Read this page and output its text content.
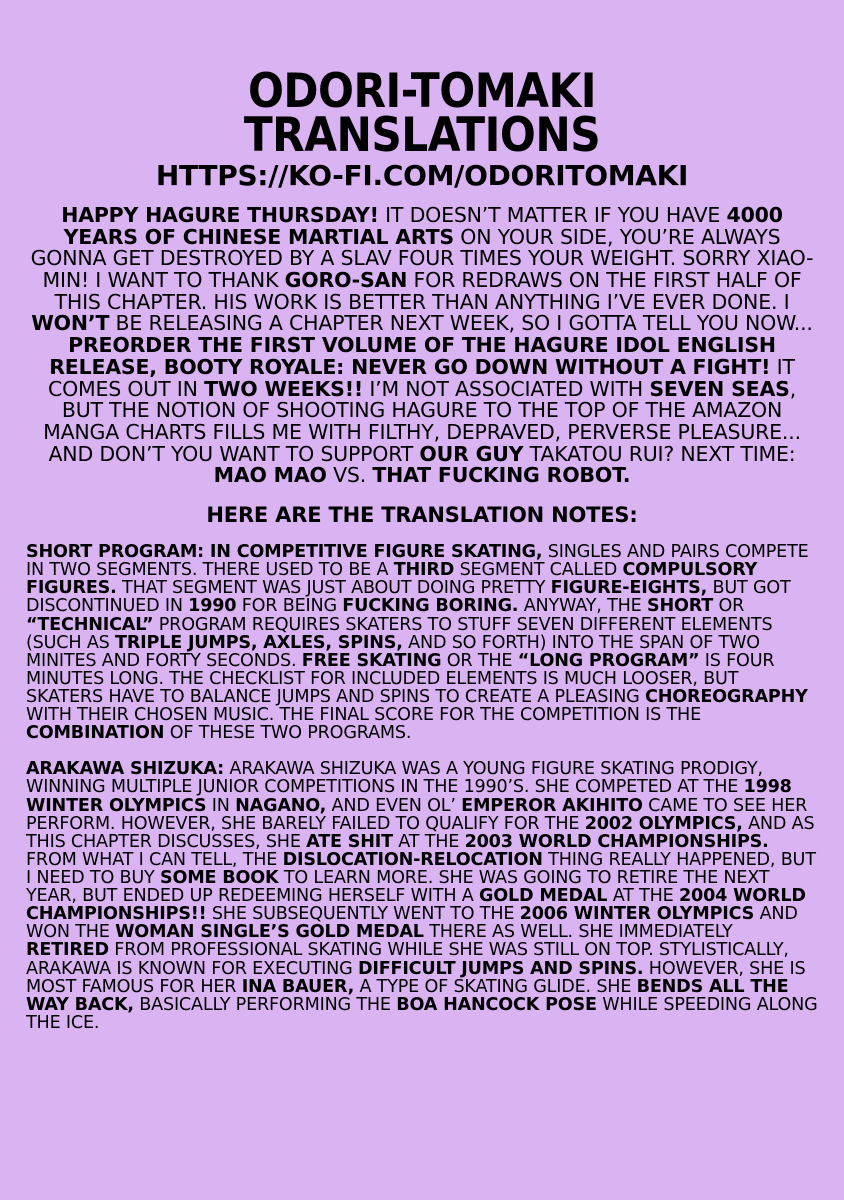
ODORI-TOMAKI
TRANSLATIONS
HTTPS://KO-FI.COM/ODORITOMAKI
HAPPY HAGURE THURSDAY! IT DOESN’T MATTER IF YOU HAVE 4000 YEARS OF CHINESE MARTIAL ARTS ON YOUR SIDE, YOU’RE ALWAYS GONNA GET DESTROYED BY A SLAV FOUR TIMES YOUR WEIGHT. SORRY XIAO-MIN! I WANT TO THANK GORO-SAN FOR REDRAWS ON THE FIRST HALF OF THIS CHAPTER. HIS WORK IS BETTER THAN ANYTHING I’VE EVER DONE. I WON’T BE RELEASING A CHAPTER NEXT WEEK, SO I GOTTA TELL YOU NOW... PREORDER THE FIRST VOLUME OF THE HAGURE IDOL ENGLISH RELEASE, BOOTY ROYALE: NEVER GO DOWN WITHOUT A FIGHT! IT COMES OUT IN TWO WEEKS!! I’M NOT ASSOCIATED WITH SEVEN SEAS, BUT THE NOTION OF SHOOTING HAGURE TO THE TOP OF THE AMAZON MANGA CHARTS FILLS ME WITH FILTHY, DEPRAVED, PERVERSE PLEASURE... AND DON’T YOU WANT TO SUPPORT OUR GUY TAKATOU RUI? NEXT TIME: MAO MAO VS. THAT FUCKING ROBOT.
HERE ARE THE TRANSLATION NOTES:
SHORT PROGRAM: IN COMPETITIVE FIGURE SKATING, SINGLES AND PAIRS COMPETE IN TWO SEGMENTS. THERE USED TO BE A THIRD SEGMENT CALLED COMPULSORY FIGURES. THAT SEGMENT WAS JUST ABOUT DOING PRETTY FIGURE-EIGHTS, BUT GOT DISCONTINUED IN 1990 FOR BEING FUCKING BORING. ANYWAY, THE SHORT OR “TECHNICAL” PROGRAM REQUIRES SKATERS TO STUFF SEVEN DIFFERENT ELEMENTS (SUCH AS TRIPLE JUMPS, AXLES, SPINS, AND SO FORTH) INTO THE SPAN OF TWO MINITES AND FORTY SECONDS. FREE SKATING OR THE “LONG PROGRAM” IS FOUR MINUTES LONG. THE CHECKLIST FOR INCLUDED ELEMENTS IS MUCH LOOSER, BUT SKATERS HAVE TO BALANCE JUMPS AND SPINS TO CREATE A PLEASING CHOREOGRAPHY WITH THEIR CHOSEN MUSIC. THE FINAL SCORE FOR THE COMPETITION IS THE COMBINATION OF THESE TWO PROGRAMS.
ARAKAWA SHIZUKA: ARAKAWA SHIZUKA WAS A YOUNG FIGURE SKATING PRODIGY, WINNING MULTIPLE JUNIOR COMPETITIONS IN THE 1990’S. SHE COMPETED AT THE 1998 WINTER OLYMPICS IN NAGANO, AND EVEN OL’ EMPEROR AKIHITO CAME TO SEE HER PERFORM. HOWEVER, SHE BARELY FAILED TO QUALIFY FOR THE 2002 OLYMPICS, AND AS THIS CHAPTER DISCUSSES, SHE ATE SHIT AT THE 2003 WORLD CHAMPIONSHIPS. FROM WHAT I CAN TELL, THE DISLOCATION-RELOCATION THING REALLY HAPPENED, BUT I NEED TO BUY SOME BOOK TO LEARN MORE. SHE WAS GOING TO RETIRE THE NEXT YEAR, BUT ENDED UP REDEEMING HERSELF WITH A GOLD MEDAL AT THE 2004 WORLD CHAMPIONSHIPS!! SHE SUBSEQUENTLY WENT TO THE 2006 WINTER OLYMPICS AND WON THE WOMAN SINGLE’S GOLD MEDAL THERE AS WELL. SHE IMMEDIATELY RETIRED FROM PROFESSIONAL SKATING WHILE SHE WAS STILL ON TOP. STYLISTICALLY, ARAKAWA IS KNOWN FOR EXECUTING DIFFICULT JUMPS AND SPINS. HOWEVER, SHE IS MOST FAMOUS FOR HER INA BAUER, A TYPE OF SKATING GLIDE. SHE BENDS ALL THE WAY BACK, BASICALLY PERFORMING THE BOA HANCOCK POSE WHILE SPEEDING ALONG THE ICE.
